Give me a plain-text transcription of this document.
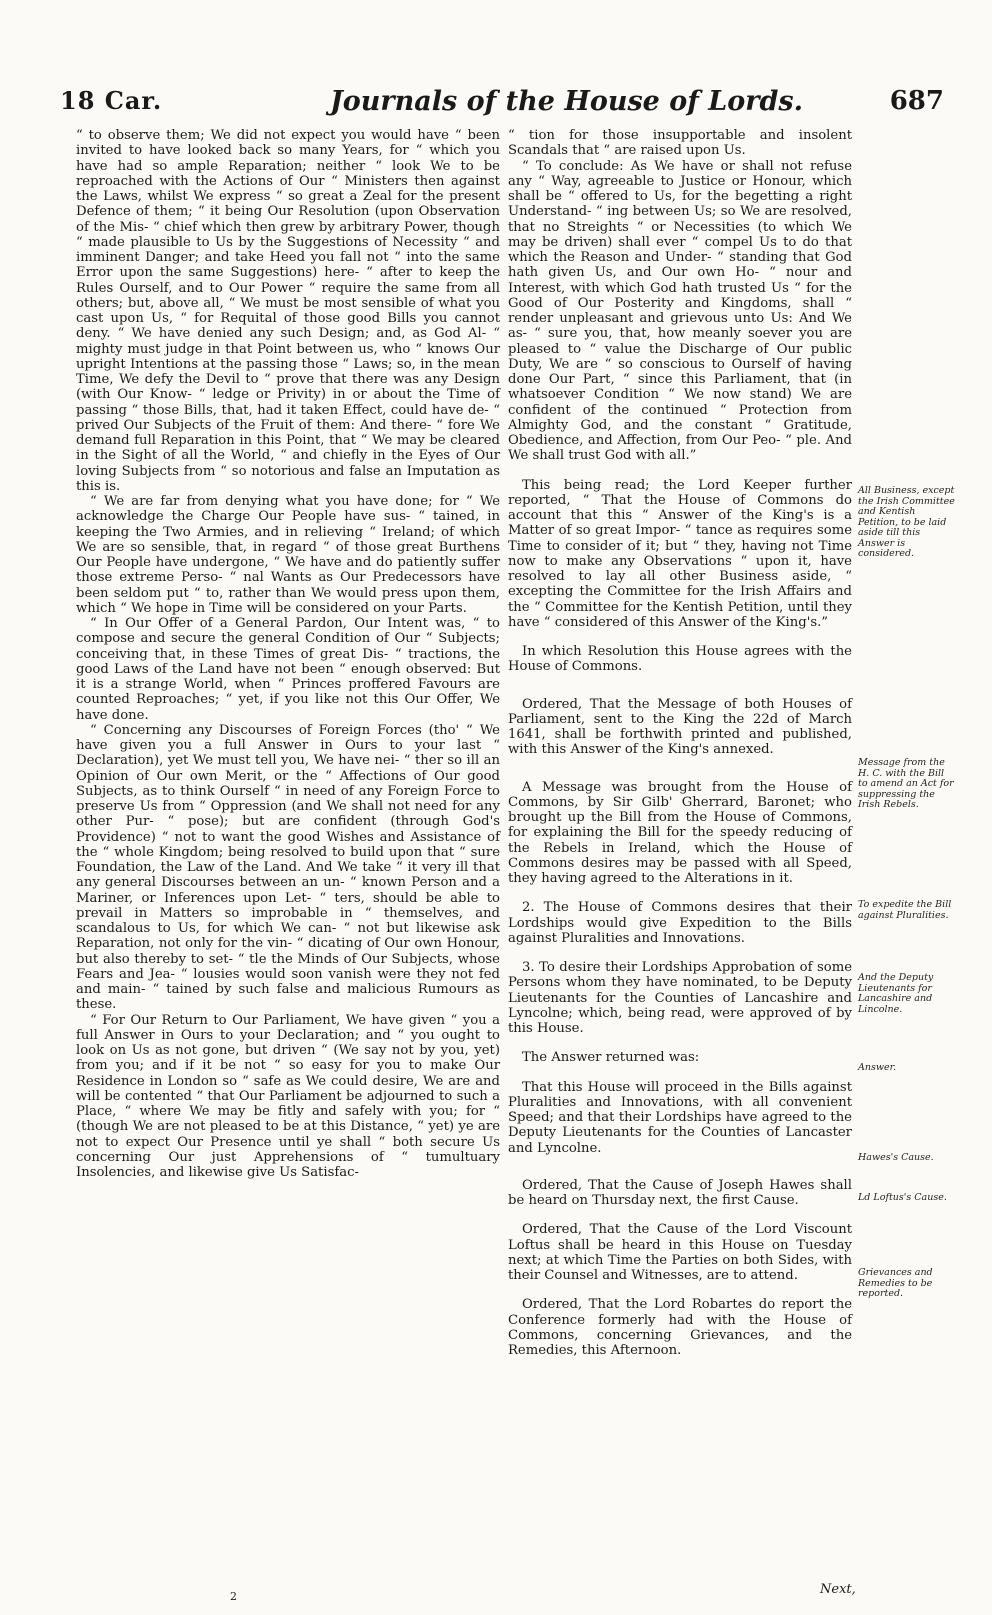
18 Car.	Journals of the House of Lords.	687

“ to observe them; We did not expect you would have “ been invited to have looked back so many Years, for “ which you have had so ample Reparation; neither “ look We to be reproached with the Actions of Our “ Ministers then against the Laws, whilst We express “ so great a Zeal for the present Defence of them; “ it being Our Resolution (upon Observation of the Mis- “ chief which then grew by arbitrary Power, though “ made plausible to Us by the Suggestions of Necessity “ and imminent Danger; and take Heed you fall not “ into the same Error upon the same Suggestions) here- “ after to keep the Rules Ourself, and to Our Power “ require the same from all others; but, above all, “ We must be most sensible of what you cast upon Us, “ for Requital of those good Bills you cannot deny. “ We have denied any such Design; and, as God Al- “ mighty must judge in that Point between us, who “ knows Our upright Intentions at the passing those “ Laws; so, in the mean Time, We defy the Devil to “ prove that there was any Design (with Our Know- “ ledge or Privity) in or about the Time of passing “ those Bills, that, had it taken Effect, could have de- “ prived Our Subjects of the Fruit of them: And there- “ fore We demand full Reparation in this Point, that “ We may be cleared in the Sight of all the World, “ and chiefly in the Eyes of Our loving Subjects from “ so notorious and false an Imputation as this is.

“ We are far from denying what you have done; for “ We acknowledge the Charge Our People have sus- “ tained, in keeping the Two Armies, and in relieving “ Ireland; of which We are so sensible, that, in regard “ of those great Burthens Our People have undergone, “ We have and do patiently suffer those extreme Perso- “ nal Wants as Our Predecessors have been seldom put “ to, rather than We would press upon them, which “ We hope in Time will be considered on your Parts.

“ In Our Offer of a General Pardon, Our Intent was, “ to compose and secure the general Condition of Our “ Subjects; conceiving that, in these Times of great Dis- “ tractions, the good Laws of the Land have not been “ enough observed: But it is a strange World, when “ Princes proffered Favours are counted Reproaches; “ yet, if you like not this Our Offer, We have done.

“ Concerning any Discourses of Foreign Forces (tho' “ We have given you a full Answer in Ours to your last “ Declaration), yet We must tell you, We have nei- “ ther so ill an Opinion of Our own Merit, or the “ Affections of Our good Subjects, as to think Ourself “ in need of any Foreign Force to preserve Us from “ Oppression (and We shall not need for any other Pur- “ pose); but are confident (through God's Providence) “ not to want the good Wishes and Assistance of the “ whole Kingdom; being resolved to build upon that “ sure Foundation, the Law of the Land. And We take “ it very ill that any general Discourses between an un- “ known Person and a Mariner, or Inferences upon Let- “ ters, should be able to prevail in Matters so improbable in “ themselves, and scandalous to Us, for which We can- “ not but likewise ask Reparation, not only for the vin- “ dicating of Our own Honour, but also thereby to set- “ tle the Minds of Our Subjects, whose Fears and Jea- “ lousies would soon vanish were they not fed and main- “ tained by such false and malicious Rumours as these.

“ For Our Return to Our Parliament, We have given “ you a full Answer in Ours to your Declaration; and “ you ought to look on Us as not gone, but driven “ (We say not by you, yet) from you; and if it be not “ so easy for you to make Our Residence in London so “ safe as We could desire, We are and will be contented “ that Our Parliament be adjourned to such a Place, “ where We may be fitly and safely with you; for “ (though We are not pleased to be at this Distance, “ yet) ye are not to expect Our Presence until ye shall “ both secure Us concerning Our just Apprehensions of “ tumultuary Insolencies, and likewise give Us Satisfac-

“ tion for those insupportable and insolent Scandals that “ are raised upon Us.

“ To conclude: As We have or shall not refuse any “ Way, agreeable to Justice or Honour, which shall be “ offered to Us, for the begetting a right Understand- “ ing between Us; so We are resolved, that no Streights “ or Necessities (to which We may be driven) shall ever “ compel Us to do that which the Reason and Under- “ standing that God hath given Us, and Our own Ho- “ nour and Interest, with which God hath trusted Us “ for the Good of Our Posterity and Kingdoms, shall “ render unpleasant and grievous unto Us: And We as- “ sure you, that, how meanly soever you are pleased to “ value the Discharge of Our public Duty, We are “ so conscious to Ourself of having done Our Part, “ since this Parliament, that (in whatsoever Condition “ We now stand) We are confident of the continued “ Protection from Almighty God, and the constant “ Gratitude, Obedience, and Affection, from Our Peo- “ ple. And We shall trust God with all.”

This being read; the Lord Keeper further reported, “ That the House of Commons do account that this “ Answer of the King's is a Matter of so great Impor- “ tance as requires some Time to consider of it; but “ they, having not Time now to make any Observations “ upon it, have resolved to lay all other Business aside, “ excepting the Committee for the Irish Affairs and the “ Committee for the Kentish Petition, until they have “ considered of this Answer of the King's.”

In which Resolution this House agrees with the House of Commons.

Ordered, That the Message of both Houses of Parliament, sent to the King the 22d of March 1641, shall be forthwith printed and published, with this Answer of the King's annexed.

A Message was brought from the House of Commons, by Sir Gilb' Gherrard, Baronet; who brought up the Bill from the House of Commons, for explaining the Bill for the speedy reducing of the Rebels in Ireland, which the House of Commons desires may be passed with all Speed, they having agreed to the Alterations in it.

2. The House of Commons desires that their Lordships would give Expedition to the Bills against Pluralities and Innovations.

3. To desire their Lordships Approbation of some Persons whom they have nominated, to be Deputy Lieutenants for the Counties of Lancashire and Lyncolne; which, being read, were approved of by this House.

The Answer returned was:

That this House will proceed in the Bills against Pluralities and Innovations, with all convenient Speed; and that their Lordships have agreed to the Deputy Lieutenants for the Counties of Lancaster and Lyncolne.

Ordered, That the Cause of Joseph Hawes shall be heard on Thursday next, the first Cause.

Ordered, That the Cause of the Lord Viscount Loftus shall be heard in this House on Tuesday next; at which Time the Parties on both Sides, with their Counsel and Witnesses, are to attend.

Ordered, That the Lord Robartes do report the Conference formerly had with the House of Commons, concerning Grievances, and the Remedies, this Afternoon.

All Business, except the Irish Committee and Kentish Petition, to be laid aside till this Answer is considered.
Message from the H. C. with the Bill to amend an Act for suppressing the Irish Rebels.
To expedite the Bill against Pluralities.
And the Deputy Lieutenants for Lancashire and Lincolne.
Answer.
Hawes's Cause.
Ld Loftus's Cause.
Grievances and Remedies to be reported.
2	Next,
